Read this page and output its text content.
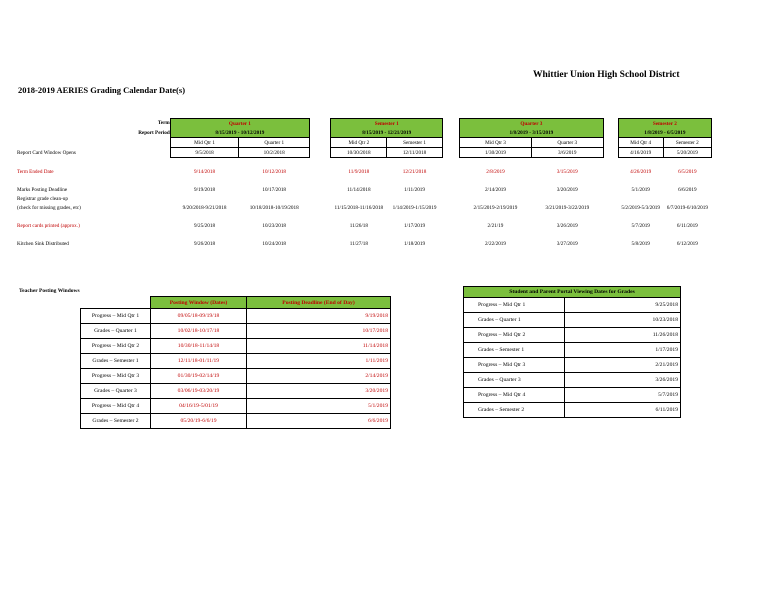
Whittier Union High School District
2018-2019 AERIES Grading Calendar Date(s)
Term	Quarter 1			Semester 1			Quarter 3			Semester 2	
Report Period	8/15/2019 - 10/12/2019			8/15/2019 - 12/21/2019			1/8/2019 - 3/15/2019			1/8/2019 - 6/5/2019	
	Mid Qtr 1	Quarter 1		Mid Qtr 2	Semester 1		Mid Qtr 3	Quarter 3		Mid Qtr 4	Semester 2
Report Card Window Opens	9/5/2018	10/2/2018		10/30/2018	12/11/2018		1/30/2019	3/6/2019		4/16/2019	5/20/2019

Term Ended Date	9/14/2018	10/12/2018		11/9/2018	12/21/2018		2/8/2019	3/15/2019		4/26/2019	6/5/2019

Marks Posting Deadline	9/19/2018	10/17/2018		11/14/2018	1/11/2019		2/14/2019	3/20/2019		5/1/2019	6/6/2019
Registrar grade clean-up											
(check for missing grades, etc)	9/20/2018-9/21/2018	10/18/2018-10/19/2018		11/15/2018-11/16/2018	1/14/2019-1/15/2019		2/15/2019-2/19/2019	3/21/2019-3/22/2019		5/2/2019-5/3/2019	6/7/2019-6/10/2019

Report cards printed (approx.)	9/25/2018	10/23/2018		11/26/18	1/17/2019		2/21/19	3/26/2019		5/7/2019	6/11/2019

Kitchen Sink Distributed	9/26/2018	10/24/2018		11/27/18	1/18/2019		2/22/2019	3/27/2019		5/8/2019	6/12/2019
Teacher Posting Windows
	Posting Window (Dates)	Posting Deadline (End of Day)
Progress – Mid Qtr 1	09/05/18-09/19/18	9/19/2018
Grades – Quarter 1	10/02/18-10/17/18	10/17/2018
Progress – Mid Qtr 2	10/30/18-11/14/18	11/14/2018
Grades – Semester 1	12/11/18-01/11/19	1/11/2019
Progress – Mid Qtr 3	01/30/19-02/14/19	2/14/2019
Grades – Quarter 3	03/06/19-03/20/19	3/20/2019
Progress – Mid Qtr 4	04/16/19-5/01/19	5/1/2019
Grades – Semester 2	05/20/19-6/6/19	6/6/2019
Student and Parent Portal Viewing Dates for Grades	
Progress – Mid Qtr 1	9/25/2018
Grades – Quarter 1	10/23/2018
Progress – Mid Qtr 2	11/26/2018
Grades – Semester 1	1/17/2019
Progress – Mid Qtr 3	2/21/2019
Grades – Quarter 3	3/26/2019
Progress – Mid Qtr 4	5/7/2019
Grades – Semester 2	6/11/2019
